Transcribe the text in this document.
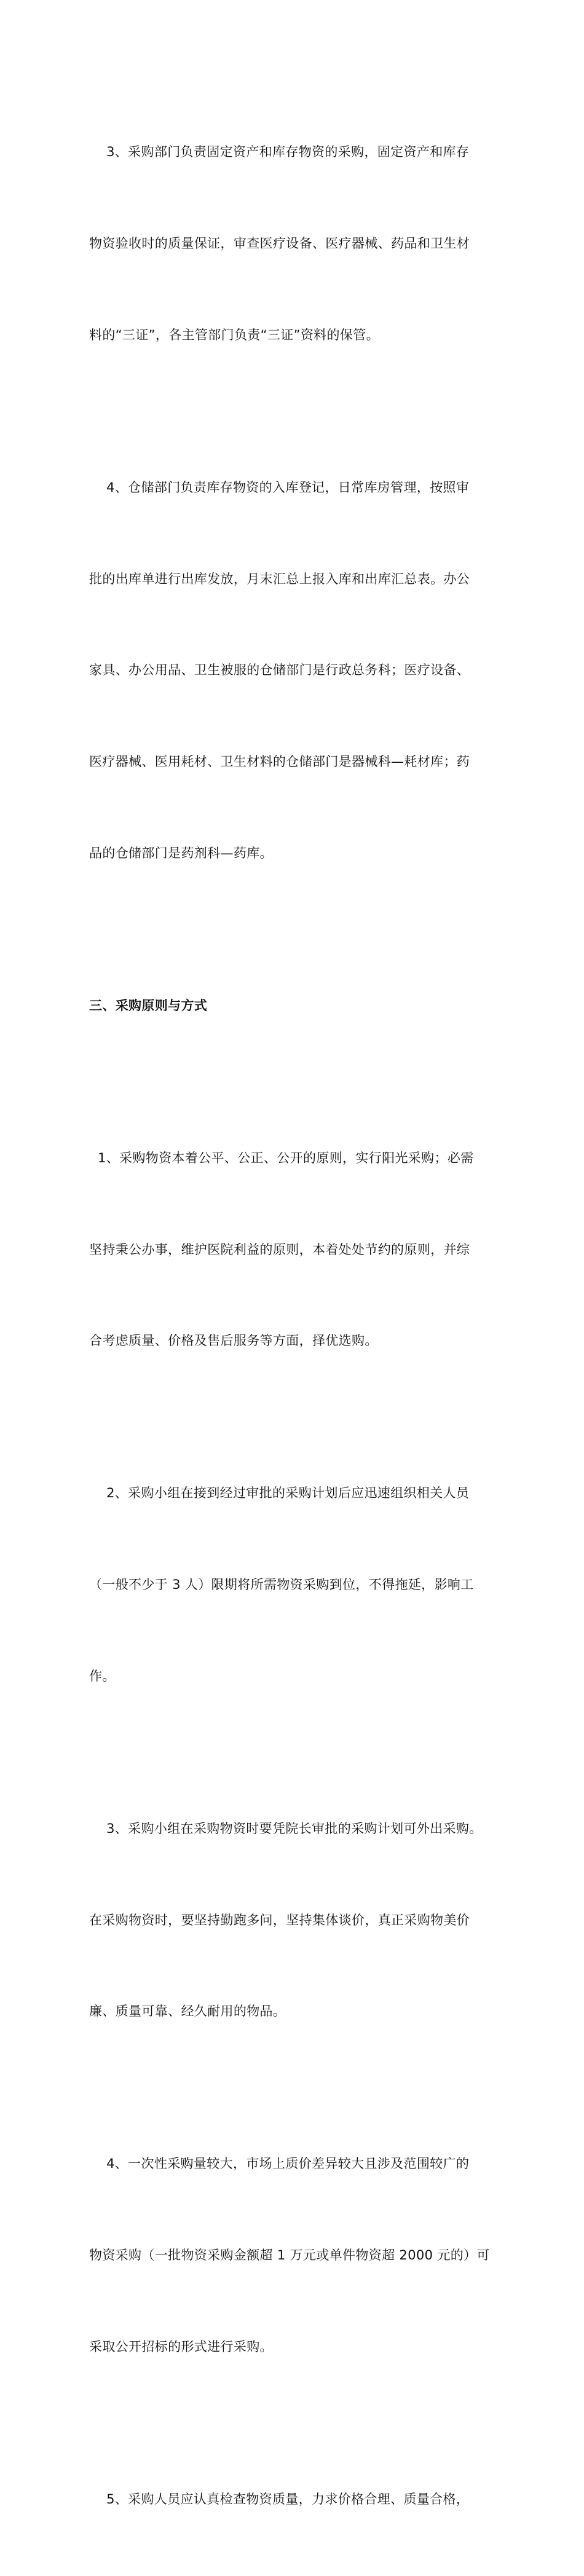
3、采购部门负责固定资产和库存物资的采购，固定资产和库存

物资验收时的质量保证，审查医疗设备、医疗器械、药品和卫生材

料的“三证”，各主管部门负责“三证”资料的保管。

4、仓储部门负责库存物资的入库登记，日常库房管理，按照审

批的出库单进行出库发放，月末汇总上报入库和出库汇总表。办公

家具、办公用品、卫生被服的仓储部门是行政总务科；医疗设备、

医疗器械、医用耗材、卫生材料的仓储部门是器械科—耗材库；药

品的仓储部门是药剂科—药库。

三、采购原则与方式

1、采购物资本着公平、公正、公开的原则，实行阳光采购；必需

坚持秉公办事，维护医院利益的原则，本着处处节约的原则，并综

合考虑质量、价格及售后服务等方面，择优选购。

2、采购小组在接到经过审批的采购计划后应迅速组织相关人员

（一般不少于 3 人）限期将所需物资采购到位，不得拖延，影响工

作。

3、采购小组在采购物资时要凭院长审批的采购计划可外出采购。

在采购物资时，要坚持勤跑多问，坚持集体谈价，真正采购物美价

廉、质量可靠、经久耐用的物品。

4、一次性采购量较大，市场上质价差异较大且涉及范围较广的

物资采购（一批物资采购金额超 1 万元或单件物资超 2000 元的）可

采取公开招标的形式进行采购。

5、采购人员应认真检查物资质量，力求价格合理、质量合格，
